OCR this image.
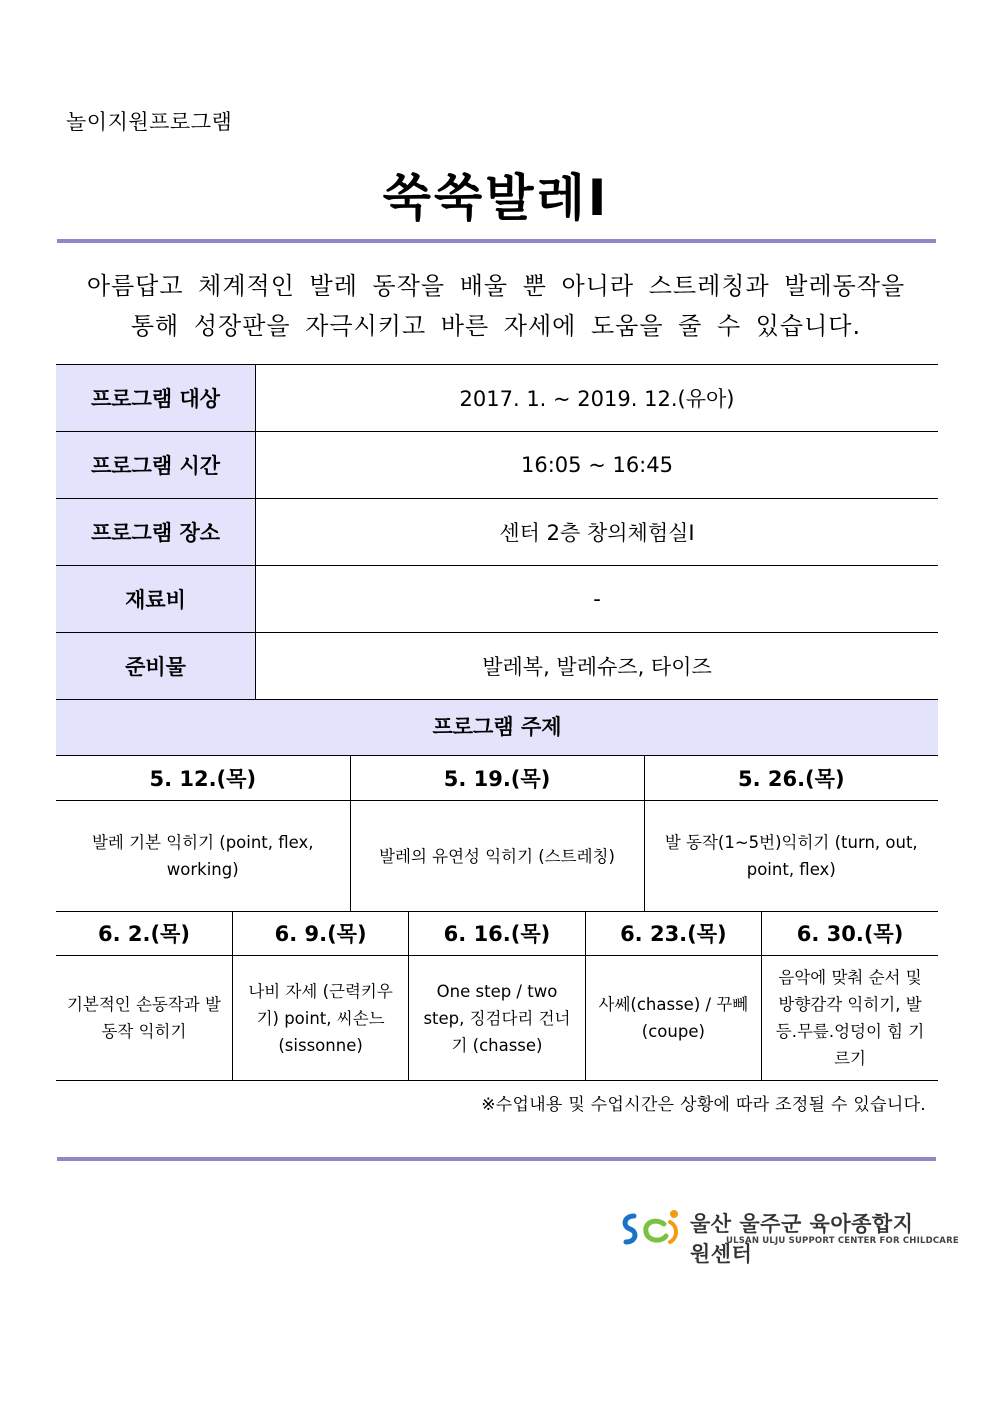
놀이지원프로그램
쑥쑥발레Ⅰ
아름답고 체계적인 발레 동작을 배울 뿐 아니라 스트레칭과 발레동작을
통해 성장판을 자극시키고 바른 자세에 도움을 줄 수 있습니다.
프로그램 대상	2017. 1. ~ 2019. 12.(유아)
프로그램 시간	16:05 ~ 16:45
프로그램 장소	센터 2층 창의체험실Ⅰ
재료비	-
준비물	발레복, 발레슈즈, 타이즈
프로그램 주제
5. 12.(목)	5. 19.(목)	5. 26.(목)
발레 기본 익히기 (point, flex, working)	발레의 유연성 익히기 (스트레칭)	발 동작(1~5번)익히기 (turn, out, point, flex)
6. 2.(목)	6. 9.(목)	6. 16.(목)	6. 23.(목)	6. 30.(목)
기본적인 손동작과 발 동작 익히기	나비 자세 (근력키우기) point, 씨손느(sissonne)	One step / two step, 징검다리 건너기 (chasse)	사쎄(chasse) / 꾸뻬(coupe)	음악에 맞춰 순서 및 방향감각 익히기, 발등.무릎.엉덩이 힘 기르기
※수업내용 및 수업시간은 상황에 따라 조정될 수 있습니다.
울산 울주군 육아종합지원센터
ULSAN ULJU SUPPORT CENTER FOR CHILDCARE
